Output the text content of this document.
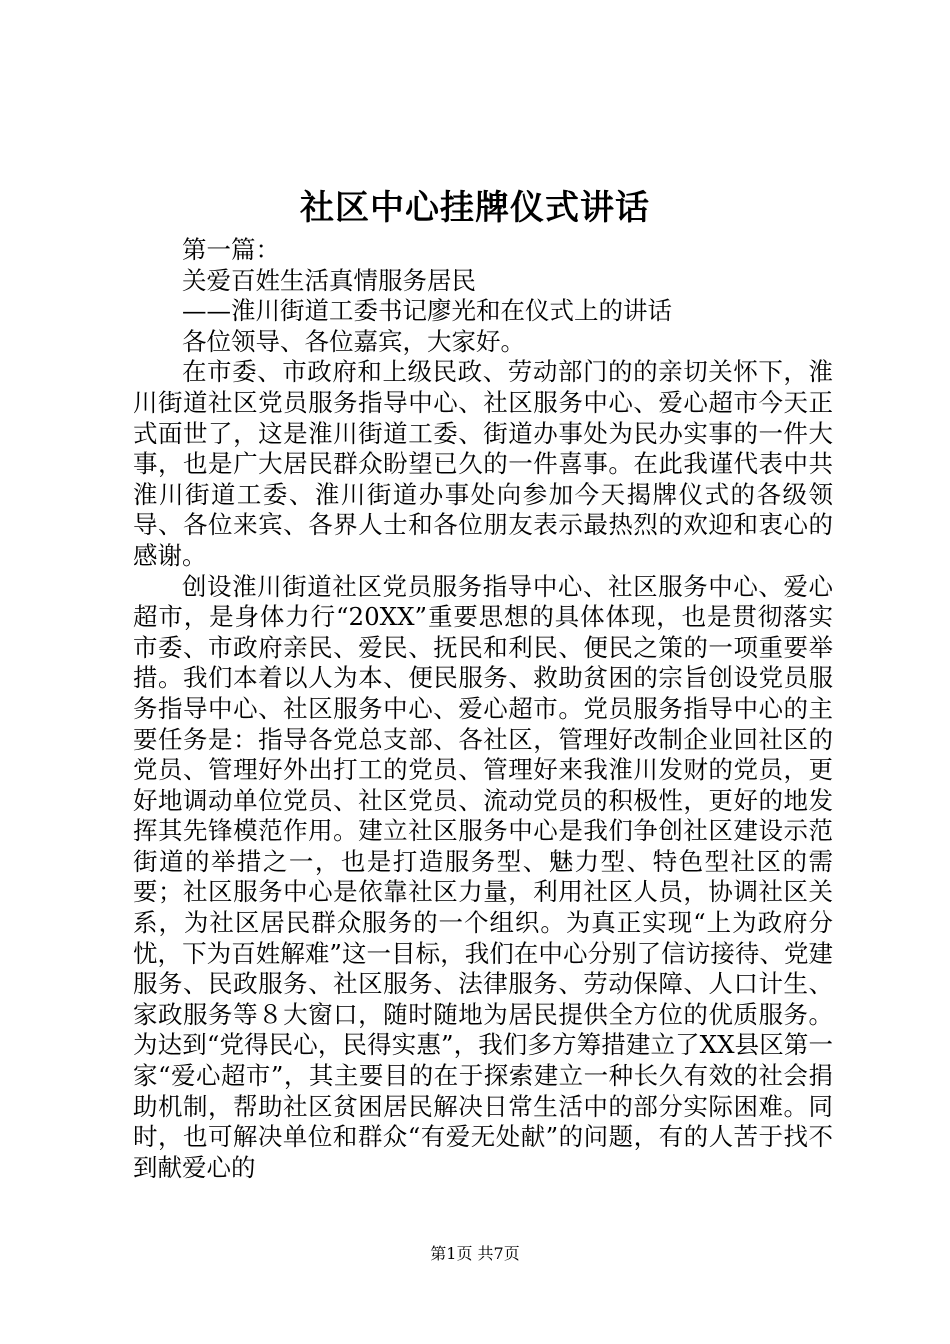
社区中心挂牌仪式讲话

第一篇：

关爱百姓生活真情服务居民

——淮川街道工委书记廖光和在仪式上的讲话

各位领导、各位嘉宾，大家好。

在市委、市政府和上级民政、劳动部门的的亲切关怀下，淮川街道社区党员服务指导中心、社区服务中心、爱心超市今天正式面世了，这是淮川街道工委、街道办事处为民办实事的一件大事，也是广大居民群众盼望已久的一件喜事。在此我谨代表中共淮川街道工委、淮川街道办事处向参加今天揭牌仪式的各级领导、各位来宾、各界人士和各位朋友表示最热烈的欢迎和衷心的感谢。

创设淮川街道社区党员服务指导中心、社区服务中心、爱心超市，是身体力行“20XX”重要思想的具体体现，也是贯彻落实市委、市政府亲民、爱民、抚民和利民、便民之策的一项重要举措。我们本着以人为本、便民服务、救助贫困的宗旨创设党员服务指导中心、社区服务中心、爱心超市。党员服务指导中心的主要任务是：指导各党总支部、各社区，管理好改制企业回社区的党员、管理好外出打工的党员、管理好来我淮川发财的党员，更好地调动单位党员、社区党员、流动党员的积极性，更好的地发挥其先锋模范作用。建立社区服务中心是我们争创社区建设示范街道的举措之一，也是打造服务型、魅力型、特色型社区的需要；社区服务中心是依靠社区力量，利用社区人员，协调社区关系，为社区居民群众服务的一个组织。为真正实现“上为政府分忧，下为百姓解难”这一目标，我们在中心分别了信访接待、党建服务、民政服务、社区服务、法律服务、劳动保障、人口计生、家政服务等８大窗口，随时随地为居民提供全方位的优质服务。为达到“党得民心，民得实惠”，我们多方筹措建立了XX县区第一家“爱心超市”，其主要目的在于探索建立一种长久有效的社会捐助机制，帮助社区贫困居民解决日常生活中的部分实际困难。同时，也可解决单位和群众“有爱无处献”的问题，有的人苦于找不到献爱心的

第1页 共7页
